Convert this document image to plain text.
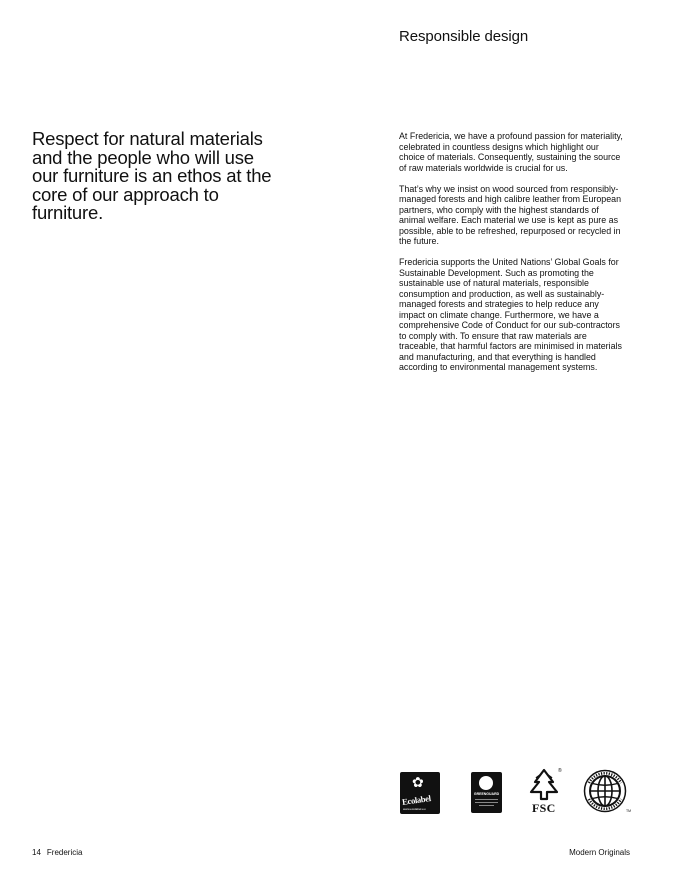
Responsible design

Respect for natural materials and the people who will use our furniture is an ethos at the core of our approach to furniture.

At Fredericia, we have a profound passion for materiality, celebrated in countless designs which highlight our choice of materials. Consequently, sustaining the source of raw materials worldwide is crucial for us.

That’s why we insist on wood sourced from responsibly-managed forests and high calibre leather from European partners, who comply with the highest standards of animal welfare. Each material we use is kept as pure as possible, able to be refreshed, repurposed or recycled in the future.

Fredericia supports the United Nations’ Global Goals for Sustainable Development. Such as promoting the sustainable use of natural materials, responsible consumption and production, as well as sustainably-managed forests and strategies to help reduce any impact on climate change. Furthermore, we have a comprehensive Code of Conduct for our sub-contractors to comply with. To ensure that raw materials are traceable, that harmful factors are minimised in materials and manufacturing, and that everything is handled according to environmental management systems.

✿
Ecolabel
www.ecolabel.eu
GREENGUARD
®
FSC	TM
14 Fredericia	Modern Originals
